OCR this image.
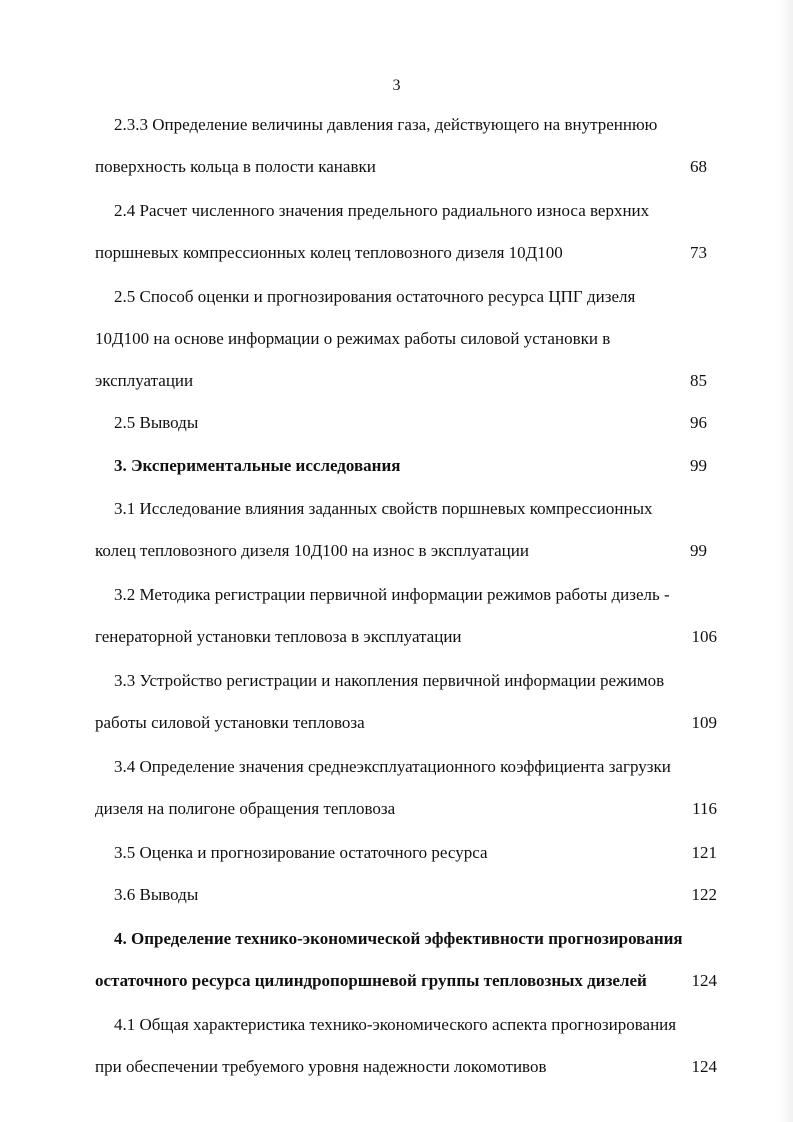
3
2.3.3 Определение величины давления газа, действующего на внутреннюю
поверхность кольца в полости канавки	68
2.4 Расчет численного значения предельного радиального износа верхних
поршневых компрессионных колец тепловозного дизеля 10Д100	73
2.5 Способ оценки и прогнозирования остаточного ресурса ЦПГ дизеля
10Д100 на основе информации о режимах работы силовой установки в
эксплуатации	85
2.5 Выводы	96
3. Экспериментальные исследования	99
3.1 Исследование влияния заданных свойств поршневых компрессионных
колец тепловозного дизеля 10Д100 на износ в эксплуатации	99
3.2 Методика регистрации первичной информации режимов работы дизель -
генераторной установки тепловоза в эксплуатации	106
3.3 Устройство регистрации и накопления первичной информации режимов
работы силовой установки тепловоза	109
3.4 Определение значения среднеэксплуатационного коэффициента загрузки
дизеля на полигоне обращения тепловоза	116
3.5 Оценка и прогнозирование остаточного ресурса	121
3.6 Выводы	122
4. Определение технико-экономической эффективности прогнозирования
остаточного ресурса цилиндропоршневой группы тепловозных дизелей	124
4.1 Общая характеристика технико-экономического аспекта прогнозирования
при обеспечении требуемого уровня надежности локомотивов	124
